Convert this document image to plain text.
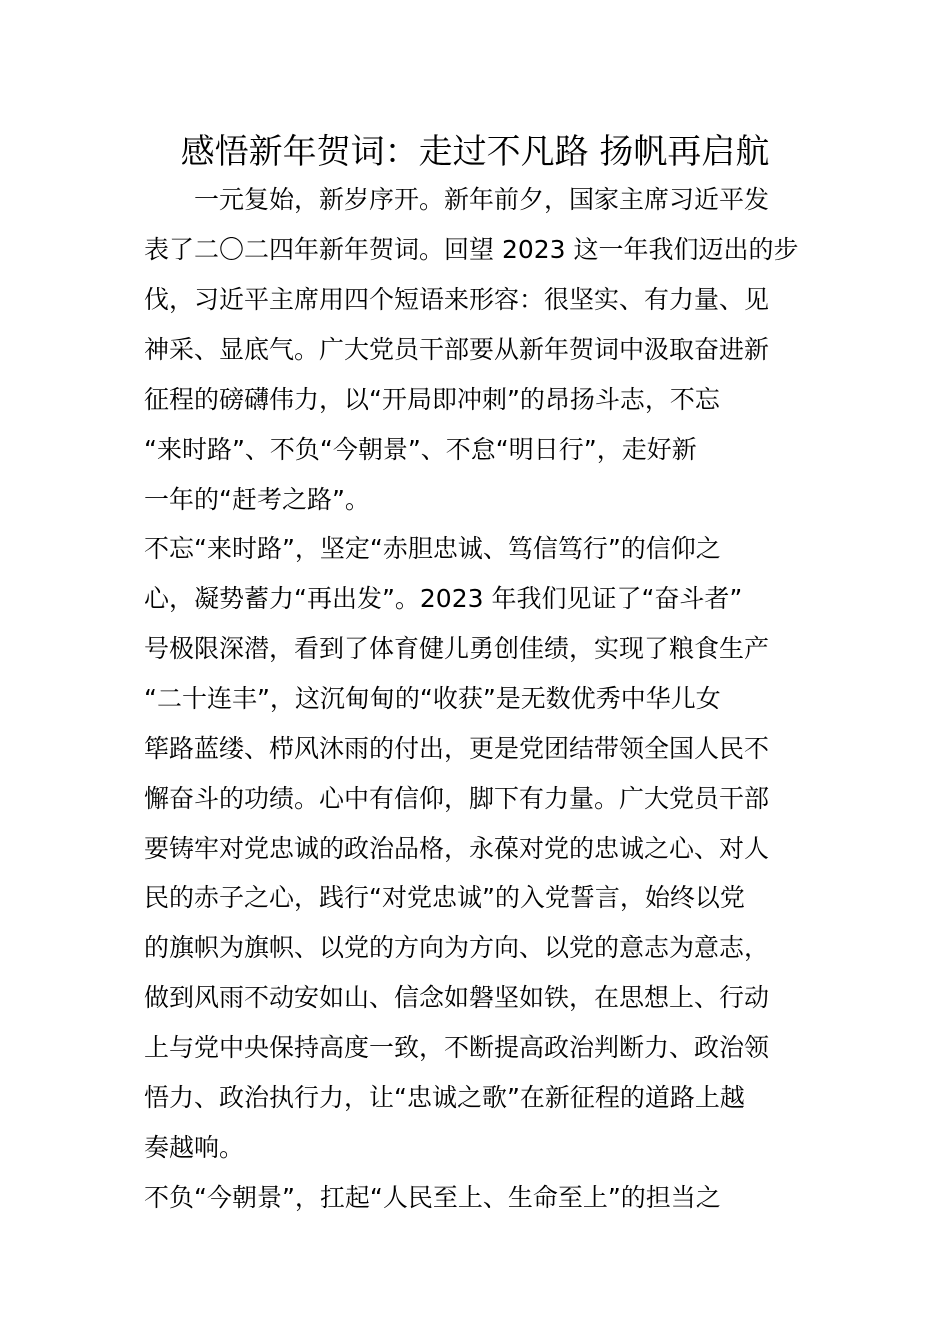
感悟新年贺词：走过不凡路 扬帆再启航
　　一元复始，新岁序开。新年前夕，国家主席习近平发
表了二〇二四年新年贺词。回望 2023 这一年我们迈出的步
伐，习近平主席用四个短语来形容：很坚实、有力量、见
神采、显底气。广大党员干部要从新年贺词中汲取奋进新
征程的磅礴伟力，以“开局即冲刺”的昂扬斗志，不忘
“来时路”、不负“今朝景”、不怠“明日行”，走好新
一年的“赶考之路”。
不忘“来时路”，坚定“赤胆忠诚、笃信笃行”的信仰之
心，凝势蓄力“再出发”。2023 年我们见证了“奋斗者”
号极限深潜，看到了体育健儿勇创佳绩，实现了粮食生产
“二十连丰”，这沉甸甸的“收获”是无数优秀中华儿女
筚路蓝缕、栉风沐雨的付出，更是党团结带领全国人民不
懈奋斗的功绩。心中有信仰，脚下有力量。广大党员干部
要铸牢对党忠诚的政治品格，永葆对党的忠诚之心、对人
民的赤子之心，践行“对党忠诚”的入党誓言，始终以党
的旗帜为旗帜、以党的方向为方向、以党的意志为意志，
做到风雨不动安如山、信念如磐坚如铁，在思想上、行动
上与党中央保持高度一致，不断提高政治判断力、政治领
悟力、政治执行力，让“忠诚之歌”在新征程的道路上越
奏越响。
不负“今朝景”，扛起“人民至上、生命至上”的担当之
